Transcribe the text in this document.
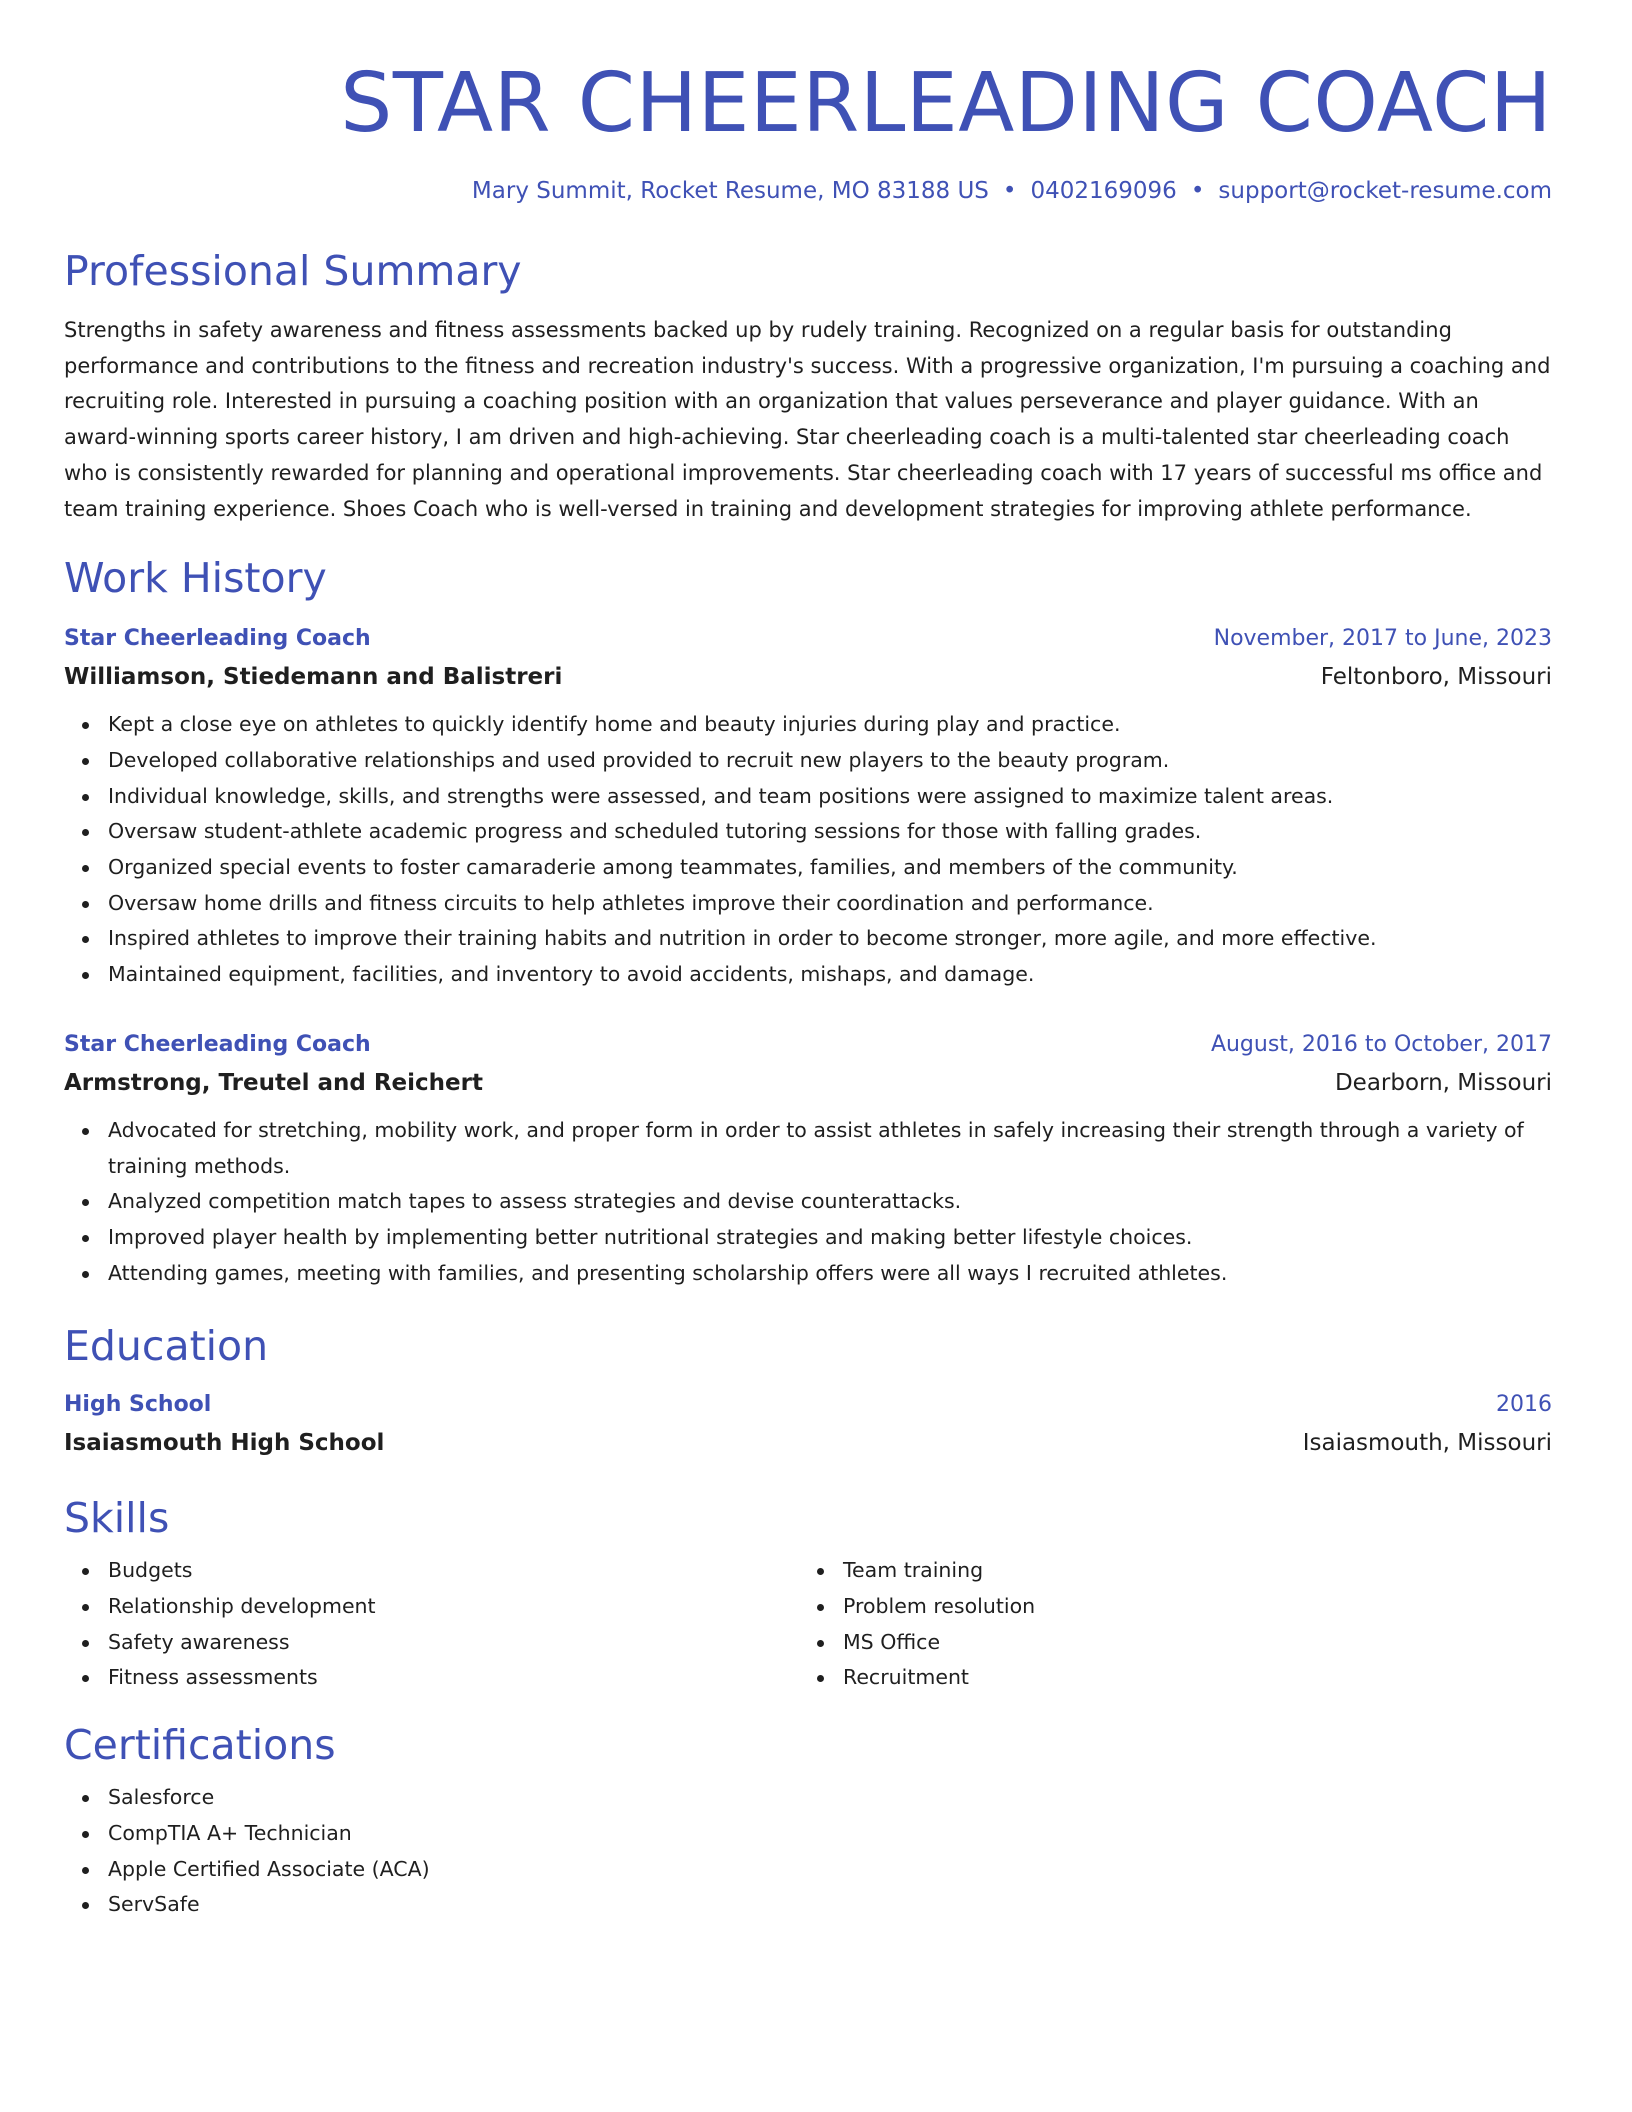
STAR CHEERLEADING COACH
Mary Summit, Rocket Resume, MO 83188 US • 0402169096 • support@rocket-resume.com
Professional Summary
Strengths in safety awareness and fitness assessments backed up by rudely training. Recognized on a regular basis for outstanding performance and contributions to the fitness and recreation industry's success. With a progressive organization, I'm pursuing a coaching and recruiting role. Interested in pursuing a coaching position with an organization that values perseverance and player guidance. With an award-winning sports career history, I am driven and high-achieving. Star cheerleading coach is a multi-talented star cheerleading coach who is consistently rewarded for planning and operational improvements. Star cheerleading coach with 17 years of successful ms office and team training experience. Shoes Coach who is well-versed in training and development strategies for improving athlete performance.
Work History
Star Cheerleading Coach	November, 2017 to June, 2023
Williamson, Stiedemann and Balistreri	Feltonboro, Missouri
Kept a close eye on athletes to quickly identify home and beauty injuries during play and practice.
Developed collaborative relationships and used provided to recruit new players to the beauty program.
Individual knowledge, skills, and strengths were assessed, and team positions were assigned to maximize talent areas.
Oversaw student-athlete academic progress and scheduled tutoring sessions for those with falling grades.
Organized special events to foster camaraderie among teammates, families, and members of the community.
Oversaw home drills and fitness circuits to help athletes improve their coordination and performance.
Inspired athletes to improve their training habits and nutrition in order to become stronger, more agile, and more effective.
Maintained equipment, facilities, and inventory to avoid accidents, mishaps, and damage.
Star Cheerleading Coach	August, 2016 to October, 2017
Armstrong, Treutel and Reichert	Dearborn, Missouri
Advocated for stretching, mobility work, and proper form in order to assist athletes in safely increasing their strength through a variety of training methods.
Analyzed competition match tapes to assess strategies and devise counterattacks.
Improved player health by implementing better nutritional strategies and making better lifestyle choices.
Attending games, meeting with families, and presenting scholarship offers were all ways I recruited athletes.
Education
High School	2016
Isaiasmouth High School	Isaiasmouth, Missouri
Skills
Budgets
Relationship development
Safety awareness
Fitness assessments
Team training
Problem resolution
MS Office
Recruitment
Certifications
Salesforce
CompTIA A+ Technician
Apple Certified Associate (ACA)
ServSafe
